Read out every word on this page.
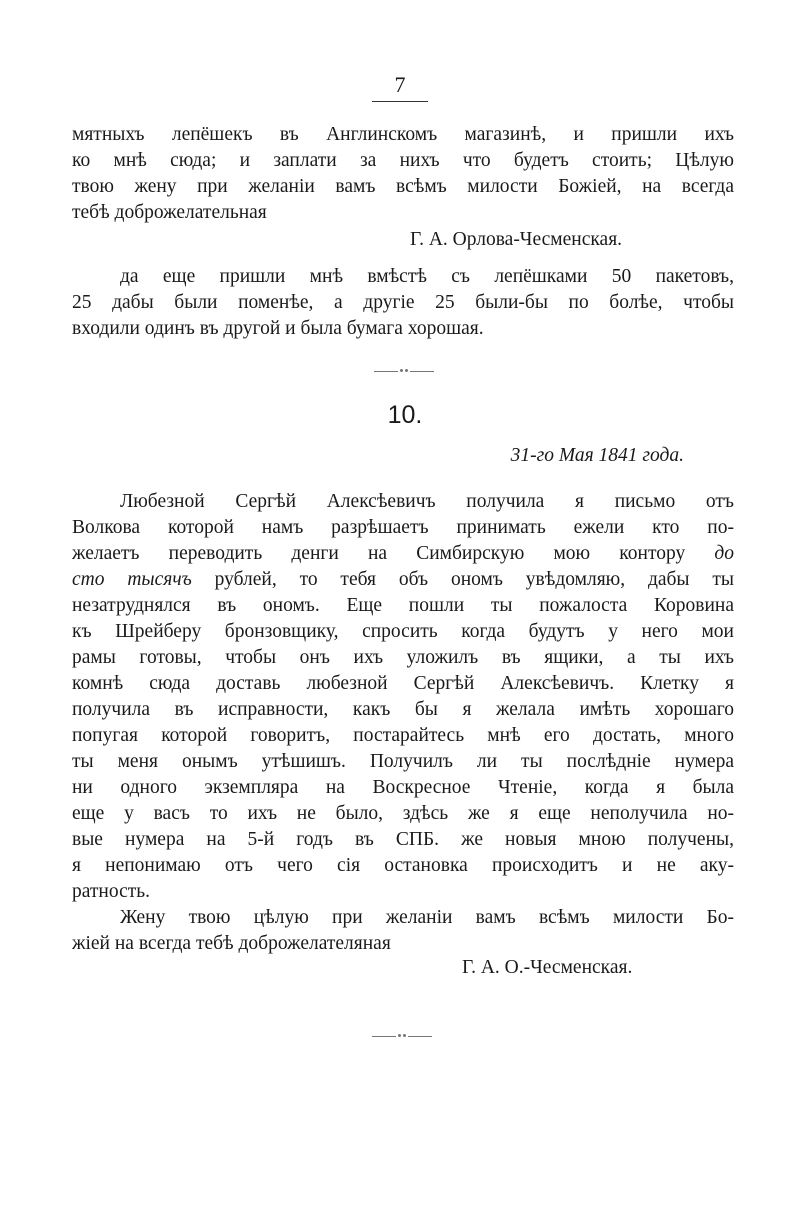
7
мятныхъ лепёшекъ въ Англинскомъ магазинѣ, и пришли ихъ
ко мнѣ сюда; и заплати за нихъ что будетъ стоить; Цѣлую
твою жену при желаніи вамъ всѣмъ милости Божіей, на всегда
тебѣ доброжелательная
Г. А. Орлова-Чесменская.
да еще пришли мнѣ вмѣстѣ съ лепёшками 50 пакетовъ,
25 дабы были поменѣе, а другіе 25 были-бы по болѣе, чтобы
входили одинъ въ другой и была бумага хорошая.
10.
31-го Мая 1841 года.
Любезной Сергѣй Алексѣевичъ получила я письмо отъ
Волкова которой намъ разрѣшаетъ принимать ежели кто по-
желаетъ переводить денги на Симбирскую мою контору до
сто тысячъ рублей, то тебя объ ономъ увѣдомляю, дабы ты
незатруднялся въ ономъ. Еще пошли ты пожалоста Коровина
къ Шрейберу бронзовщику, спросить когда будутъ у него мои
рамы готовы, чтобы онъ ихъ уложилъ въ ящики, а ты ихъ
комнѣ сюда доставь любезной Сергѣй Алексѣевичъ. Клетку я
получила въ исправности, какъ бы я желала имѣть хорошаго
попугая которой говоритъ, постарайтесь мнѣ его достать, много
ты меня онымъ утѣшишъ. Получилъ ли ты послѣдніе нумера
ни одного экземпляра на Воскресное Чтеніе, когда я была
еще у васъ то ихъ не было, здѣсь же я еще неполучила но-
вые нумера на 5-й годъ въ СПБ. же новыя мною получены,
я непонимаю отъ чего сія остановка происходитъ и не аку-
ратность.
Жену твою цѣлую при желаніи вамъ всѣмъ милости Бо-
жіей на всегда тебѣ доброжелателяная
Г. А. О.-Чесменская.
